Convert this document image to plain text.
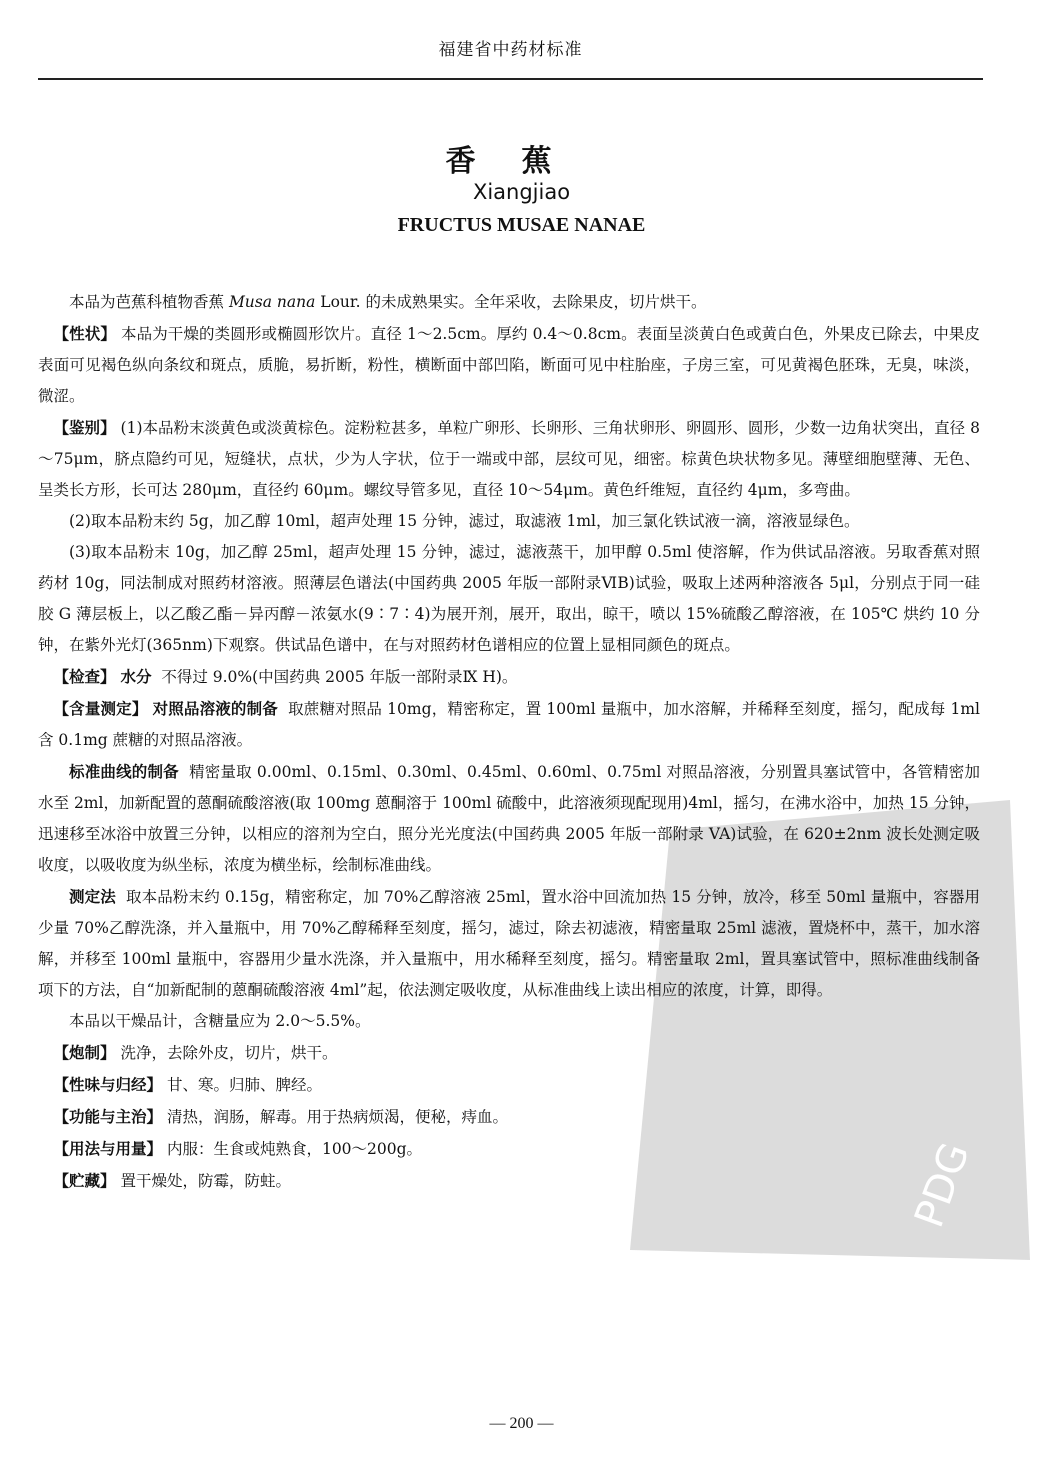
福建省中药材标准
香蕉
Xiangjiao
FRUCTUS MUSAE NANAE
PDG

本品为芭蕉科植物香蕉 Musa nana Lour. 的未成熟果实。全年采收，去除果皮，切片烘干。

【性状】 本品为干燥的类圆形或椭圆形饮片。直径 1～2.5cm。厚约 0.4～0.8cm。表面呈淡黄白色或黄白色，外果皮已除去，中果皮表面可见褐色纵向条纹和斑点，质脆，易折断，粉性，横断面中部凹陷，断面可见中柱胎座，子房三室，可见黄褐色胚珠，无臭，味淡，微涩。

【鉴别】 (1)本品粉末淡黄色或淡黄棕色。淀粉粒甚多，单粒广卵形、长卵形、三角状卵形、卵圆形、圆形，少数一边角状突出，直径 8～75μm，脐点隐约可见，短缝状，点状，少为人字状，位于一端或中部，层纹可见，细密。棕黄色块状物多见。薄壁细胞壁薄、无色、呈类长方形，长可达 280μm，直径约 60μm。螺纹导管多见，直径 10～54μm。黄色纤维短，直径约 4μm，多弯曲。

(2)取本品粉末约 5g，加乙醇 10ml，超声处理 15 分钟，滤过，取滤液 1ml，加三氯化铁试液一滴，溶液显绿色。

(3)取本品粉末 10g，加乙醇 25ml，超声处理 15 分钟，滤过，滤液蒸干，加甲醇 0.5ml 使溶解，作为供试品溶液。另取香蕉对照药材 10g，同法制成对照药材溶液。照薄层色谱法(中国药典 2005 年版一部附录ⅥB)试验，吸取上述两种溶液各 5μl，分别点于同一硅胶 G 薄层板上，以乙酸乙酯－异丙醇－浓氨水(9∶7∶4)为展开剂，展开，取出，晾干，喷以 15%硫酸乙醇溶液，在 105℃ 烘约 10 分钟，在紫外光灯(365nm)下观察。供试品色谱中，在与对照药材色谱相应的位置上显相同颜色的斑点。

【检查】 水分 不得过 9.0%(中国药典 2005 年版一部附录Ⅸ H)。

【含量测定】 对照品溶液的制备 取蔗糖对照品 10mg，精密称定，置 100ml 量瓶中，加水溶解，并稀释至刻度，摇匀，配成每 1ml 含 0.1mg 蔗糖的对照品溶液。

标准曲线的制备 精密量取 0.00ml、0.15ml、0.30ml、0.45ml、0.60ml、0.75ml 对照品溶液，分别置具塞试管中，各管精密加水至 2ml，加新配置的蒽酮硫酸溶液(取 100mg 蒽酮溶于 100ml 硫酸中，此溶液须现配现用)4ml，摇匀，在沸水浴中，加热 15 分钟，迅速移至冰浴中放置三分钟，以相应的溶剂为空白，照分光光度法(中国药典 2005 年版一部附录 VA)试验，在 620±2nm 波长处测定吸收度，以吸收度为纵坐标，浓度为横坐标，绘制标准曲线。

测定法 取本品粉末约 0.15g，精密称定，加 70%乙醇溶液 25ml，置水浴中回流加热 15 分钟，放冷，移至 50ml 量瓶中，容器用少量 70%乙醇洗涤，并入量瓶中，用 70%乙醇稀释至刻度，摇匀，滤过，除去初滤液，精密量取 25ml 滤液，置烧杯中，蒸干，加水溶解，并移至 100ml 量瓶中，容器用少量水洗涤，并入量瓶中，用水稀释至刻度，摇匀。精密量取 2ml，置具塞试管中，照标准曲线制备项下的方法，自“加新配制的蒽酮硫酸溶液 4ml”起，依法测定吸收度，从标准曲线上读出相应的浓度，计算，即得。

本品以干燥品计，含糖量应为 2.0～5.5%。

【炮制】 洗净，去除外皮，切片，烘干。

【性味与归经】 甘、寒。归肺、脾经。

【功能与主治】 清热，润肠，解毒。用于热病烦渴，便秘，痔血。

【用法与用量】 内服：生食或炖熟食，100～200g。

【贮藏】 置干燥处，防霉，防蛀。

— 200 —
